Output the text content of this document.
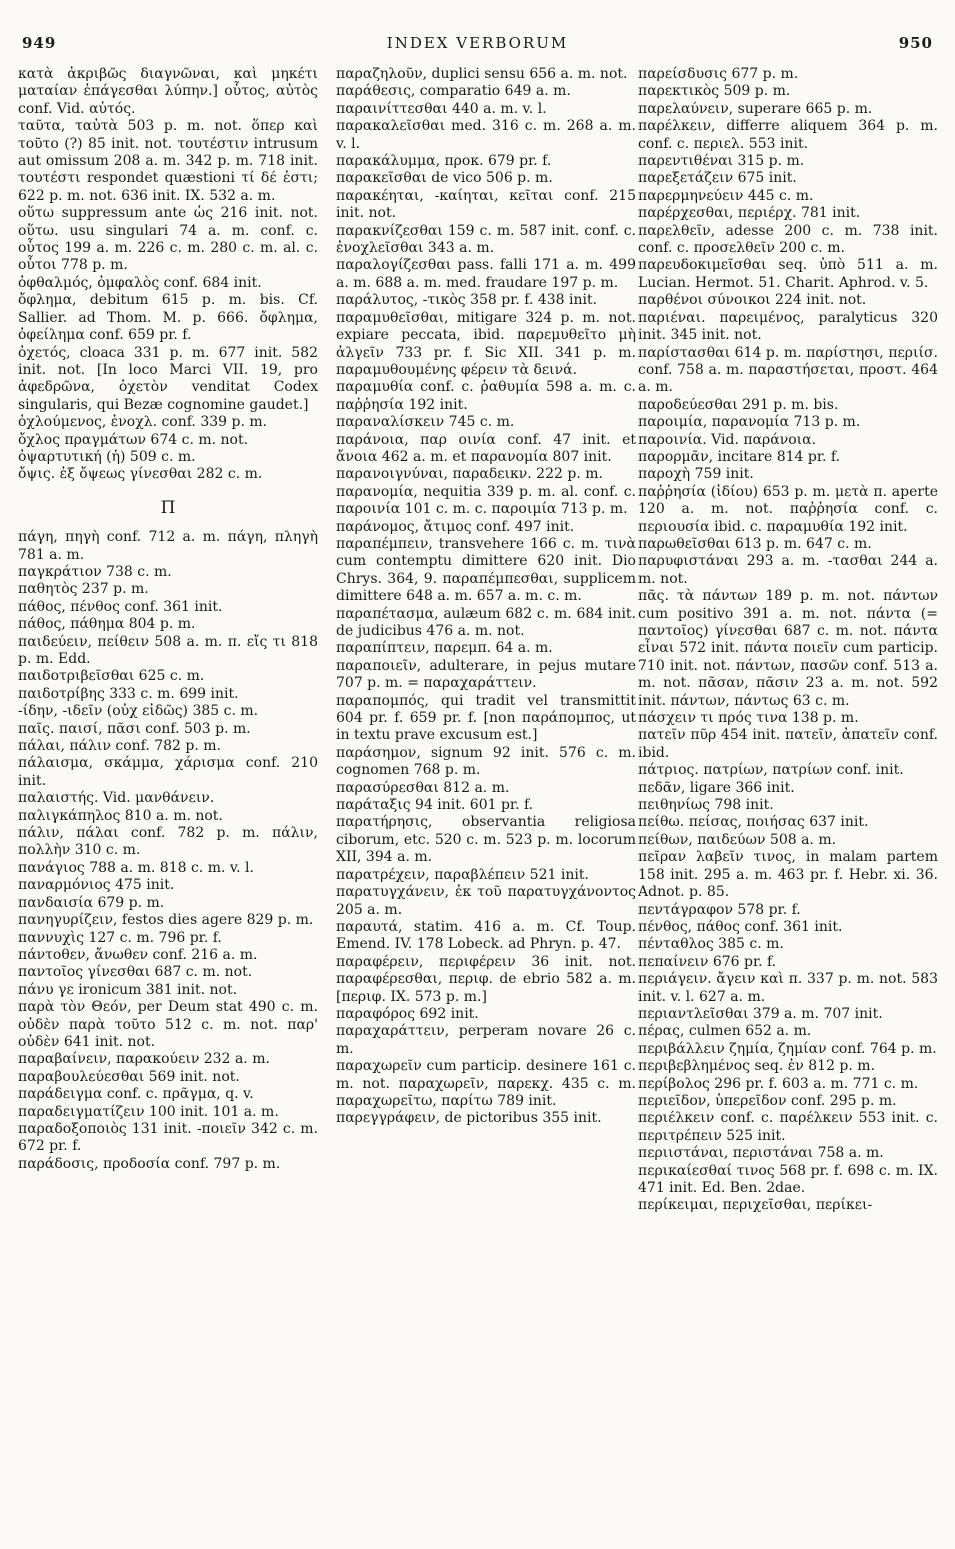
949	INDEX VERBORUM	950

κατὰ ἀκριβῶς διαγνῶναι, καὶ μηκέτι ματαίαν ἐπάγεσθαι λύπην.] οὗτος, αὐτὸς conf. Vid. αὐτός.

ταῦτα, ταὐτὰ 503 p. m. not. ὅπερ καὶ τοῦτο (?) 85 init. not. τουτέστιν intrusum aut omissum 208 a. m. 342 p. m. 718 init. τουτέστι respondet quæstioni τί δέ ἐστι; 622 p. m. not. 636 init. IX. 532 a. m.

οὕτω suppressum ante ὡς 216 init. not. οὕτω. usu singulari 74 a. m. conf. c. οὗτος 199 a. m. 226 c. m. 280 c. m. al. c. οὗτοι 778 p. m.

ὀφθαλμός, ὀμφαλὸς conf. 684 init.

ὄφλημα, debitum 615 p. m. bis. Cf. Sallier. ad Thom. M. p. 666. ὄφλημα, ὀφείλημα conf. 659 pr. f.

ὀχετός, cloaca 331 p. m. 677 init. 582 init. not. [In loco Marci VII. 19, pro ἀφεδρῶνα, ὀχετὸν venditat Codex singularis, qui Bezæ cognomine gaudet.]

ὀχλούμενος, ἐνοχλ. conf. 339 p. m.

ὄχλος πραγμάτων 674 c. m. not.

ὀψαρτυτική (ἡ) 509 c. m.

ὄψις. ἐξ ὄψεως γίνεσθαι 282 c. m.

Π

πάγη, πηγὴ conf. 712 a. m. πάγη, πληγὴ 781 a. m.

παγκράτιον 738 c. m.

παθητὸς 237 p. m.

πάθος, πένθος conf. 361 init.

πάθος, πάθημα 804 p. m.

παιδεύειν, πείθειν 508 a. m. π. εἴς τι 818 p. m. Edd.

παιδοτριβεῖσθαι 625 c. m.

παιδοτρίβης 333 c. m. 699 init.

-ίδην, -ιδεῖν (οὐχ εἰδῶς) 385 c. m.

παῖς. παισί, πᾶσι conf. 503 p. m.

πάλαι, πάλιν conf. 782 p. m.

πάλαισμα, σκάμμα, χάρισμα conf. 210 init.

παλαιστής. Vid. μανθάνειν.

παλιγκάπηλος 810 a. m. not.

πάλιν, πάλαι conf. 782 p. m. πάλιν, πολλὴν 310 c. m.

πανάγιος 788 a. m. 818 c. m. v. l.

παναρμόνιος 475 init.

πανδαισία 679 p. m.

πανηγυρίζειν, festos dies agere 829 p. m.

παννυχὶς 127 c. m. 796 pr. f.

πάντοθεν, ἄνωθεν conf. 216 a. m.

παντοῖος γίνεσθαι 687 c. m. not.

πάνυ γε ironicum 381 init. not.

παρὰ τὸν Θεόν, per Deum stat 490 c. m. οὐδὲν παρὰ τοῦτο 512 c. m. not. παρ' οὐδὲν 641 init. not.

παραβαίνειν, παρακούειν 232 a. m.

παραβουλεύεσθαι 569 init. not.

παράδειγμα conf. c. πρᾶγμα, q. v.

παραδειγματίζειν 100 init. 101 a. m.

παραδοξοποιὸς 131 init. -ποιεῖν 342 c. m. 672 pr. f.

παράδοσις, προδοσία conf. 797 p. m.

παραζηλοῦν, duplici sensu 656 a. m. not.

παράθεσις, comparatio 649 a. m.

παραινίττεσθαι 440 a. m. v. l.

παρακαλεῖσθαι med. 316 c. m. 268 a. m. v. l.

παρακάλυμμα, προκ. 679 pr. f.

παρακεῖσθαι de vico 506 p. m.

παρακέηται, -καίηται, κεῖται conf. 215 init. not.

παρακνίζεσθαι 159 c. m. 587 init. conf. c. ἐνοχλεῖσθαι 343 a. m.

παραλογίζεσθαι pass. falli 171 a. m. 499 a. m. 688 a. m. med. fraudare 197 p. m.

παράλυτος, -τικὸς 358 pr. f. 438 init.

παραμυθεῖσθαι, mitigare 324 p. m. not. expiare peccata, ibid. παρεμυθεῖτο μὴ ἀλγεῖν 733 pr. f. Sic XII. 341 p. m. παραμυθουμένης φέρειν τὰ δεινά.

παραμυθία conf. c. ῥαθυμία 598 a. m. c. παῤῥησία 192 init.

παραναλίσκειν 745 c. m.

παράνοια, παρ οινία conf. 47 init. et ἄνοια 462 a. m. et παρανομία 807 init.

παρανοιγνύναι, παραδεικν. 222 p. m.

παρανομία, nequitia 339 p. m. al. conf. c. παροινία 101 c. m. c. παροιμία 713 p. m.

παράνομος, ἄτιμος conf. 497 init.

παραπέμπειν, transvehere 166 c. m. τινὰ cum contemptu dimittere 620 init. Dio Chrys. 364, 9. παραπέμπεσθαι, supplicem dimittere 648 a. m. 657 a. m. c. m.

παραπέτασμα, aulæum 682 c. m. 684 init. de judicibus 476 a. m. not.

παραπίπτειν, παρεμπ. 64 a. m.

παραποιεῖν, adulterare, in pejus mutare 707 p. m. = παραχαράττειν.

παραπομπός, qui tradit vel transmittit 604 pr. f. 659 pr. f. [non παράπομπος, ut in textu prave excusum est.]

παράσημον, signum 92 init. 576 c. m. cognomen 768 p. m.

παρασύρεσθαι 812 a. m.

παράταξις 94 init. 601 pr. f.

παρατήρησις, observantia religiosa ciborum, etc. 520 c. m. 523 p. m. locorum XII, 394 a. m.

παρατρέχειν, παραβλέπειν 521 init.

παρατυγχάνειν, ἐκ τοῦ παρατυγχάνοντος 205 a. m.

παραυτά, statim. 416 a. m. Cf. Toup. Emend. IV. 178 Lobeck. ad Phryn. p. 47.

παραφέρειν, περιφέρειν 36 init. not. παραφέρεσθαι, περιφ. de ebrio 582 a. m. [περιφ. IX. 573 p. m.]

παραφόρος 692 init.

παραχαράττειν, perperam novare 26 c. m.

παραχωρεῖν cum particip. desinere 161 c. m. not. παραχωρεῖν, παρεκχ. 435 c. m. παραχωρεῖτω, παρίτω 789 init.

παρεγγράφειν, de pictoribus 355 init.

παρείσδυσις 677 p. m.

παρεκτικὸς 509 p. m.

παρελαύνειν, superare 665 p. m.

παρέλκειν, differre aliquem 364 p. m. conf. c. περιελ. 553 init.

παρεντιθέναι 315 p. m.

παρεξετάζειν 675 init.

παρερμηνεύειν 445 c. m.

παρέρχεσθαι, περιέρχ. 781 init.

παρελθεῖν, adesse 200 c. m. 738 init. conf. c. προσελθεῖν 200 c. m.

παρευδοκιμεῖσθαι seq. ὑπὸ 511 a. m. Lucian. Hermot. 51. Charit. Aphrod. v. 5.

παρθένοι σύνοικοι 224 init. not.

παριέναι. παρειμένος, paralyticus 320 init. 345 init. not.

παρίστασθαι 614 p. m. παρίστησι, περιίσ. conf. 758 a. m. παραστήσεται, προστ. 464 a. m.

παροδεύεσθαι 291 p. m. bis.

παροιμία, παρανομία 713 p. m.

παροινία. Vid. παράνοια.

παρορμᾶν, incitare 814 pr. f.

παροχὴ 759 init.

παῤῥησία (ἰδίου) 653 p. m. μετὰ π. aperte 120 a. m. not. παῤῥησία conf. c. περιουσία ibid. c. παραμυθία 192 init.

παρωθεῖσθαι 613 p. m. 647 c. m.

παρυφιστάναι 293 a. m. -τασθαι 244 a. m. not.

πᾶς. τὰ πάντων 189 p. m. not. πάντων cum positivo 391 a. m. not. πάντα (= παντοῖος) γίνεσθαι 687 c. m. not. πάντα εἶναι 572 init. πάντα ποιεῖν cum particip. 710 init. not. πάντων, πασῶν conf. 513 a. m. not. πᾶσαν, πᾶσιν 23 a. m. not. 592 init. πάντων, πάντως 63 c. m.

πάσχειν τι πρός τινα 138 p. m.

πατεῖν πῦρ 454 init. πατεῖν, ἀπατεῖν conf. ibid.

πάτριος. πατρίων, πατρίων conf. init.

πεδᾶν, ligare 366 init.

πειθηνίως 798 init.

πείθω. πείσας, ποιήσας 637 init.

πείθων, παιδεύων 508 a. m.

πεῖραν λαβεῖν τινος, in malam partem 158 init. 295 a. m. 463 pr. f. Hebr. xi. 36. Adnot. p. 85.

πεντάγραφον 578 pr. f.

πένθος, πάθος conf. 361 init.

πένταθλος 385 c. m.

πεπαίνειν 676 pr. f.

περιάγειν. ἄγειν καὶ π. 337 p. m. not. 583 init. v. l. 627 a. m.

περιαντλεῖσθαι 379 a. m. 707 init.

πέρας, culmen 652 a. m.

περιβάλλειν ζημία, ζημίαν conf. 764 p. m.

περιβεβλημένος seq. ἐν 812 p. m.

περίβολος 296 pr. f. 603 a. m. 771 c. m.

περιεῖδον, ὑπερεῖδον conf. 295 p. m.

περιέλκειν conf. c. παρέλκειν 553 init. c. περιτρέπειν 525 init.

περιιστάναι, περιστάναι 758 a. m.

περικαίεσθαί τινος 568 pr. f. 698 c. m. IX. 471 init. Ed. Ben. 2dae.

περίκειμαι, περιχεῖσθαι, περίκει-
